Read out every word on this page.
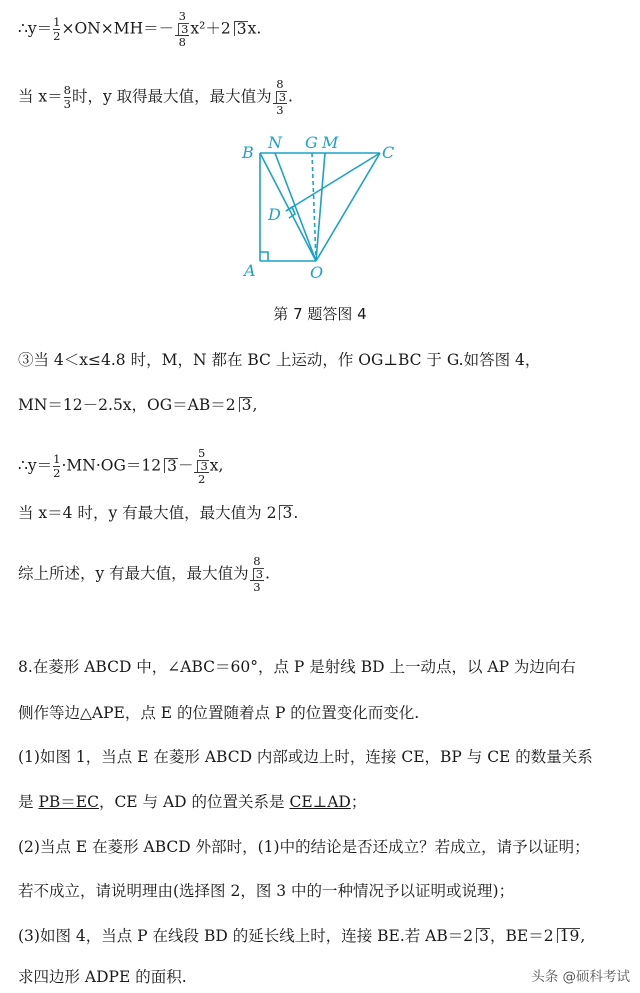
∴y＝ $\frac{1}{2} \times ON\times MH=- 3$
3
8 x²＋2 3x.
当 $x= \frac{8}{3}$ 时，y 取得最大值，最大值为 8
3
3 .
B
N G M
C
D
A	O
第 7 题答图 4
③当 4＜x≤4.8 时，M，N 都在 BC 上运动，作 OG⊥BC 于 G.如答图 4，
MN＝12－2.5x，OG＝AB＝2 3,
∴y＝ $\frac{1}{2} \cdot MN\cdot OG=12$ 3－ 5
3
2 x,
当 x＝4 时，y 有最大值，最大值为 2 3.
综上所述，y 有最大值，最大值为 8
3
3 .
8.在菱形 ABCD 中，∠ABC＝60°，点 P 是射线 BD 上一动点，以 AP 为边向右
侧作等边△APE，点 E 的位置随着点 P 的位置变化而变化.
(1)如图 1，当点 E 在菱形 ABCD 内部或边上时，连接 CE，BP 与 CE 的数量关系
是 PB＝EC，CE 与 AD 的位置关系是 CE⊥AD；
(2)当点 E 在菱形 ABCD 外部时，(1)中的结论是否还成立？若成立，请予以证明；
若不成立，请说明理由(选择图 2，图 3 中的一种情况予以证明或说理)；
(3)如图 4，当点 P 在线段 BD 的延长线上时，连接 BE.若 AB＝2 3，BE＝2 19,
求四边形 ADPE 的面积.	头条 @硕科考试
